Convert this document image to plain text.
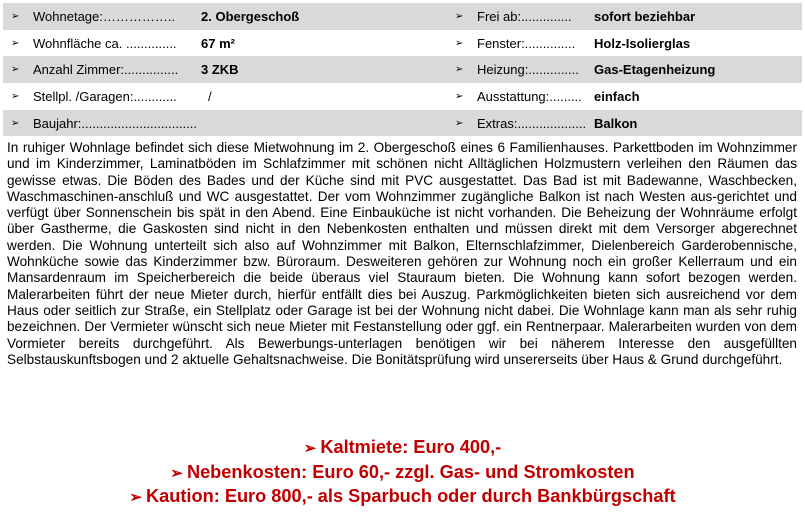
➢ Wohnetage:…………….. 2. Obergeschoß	➢ Frei ab:.............. sofort beziehbar
➢ Wohnfläche ca. .............. 67 m²	➢ Fenster:.............. Holz-Isolierglas
➢ Anzahl Zimmer:............... 3 ZKB	➢ Heizung:.............. Gas-Etagenheizung
➢ Stellpl. /Garagen:............ /	➢ Ausstattung:......... einfach
➢ Baujahr:................................	➢ Extras:................... Balkon

In ruhiger Wohnlage befindet sich diese Mietwohnung im 2. Obergeschoß eines 6 Familienhauses. Parkettboden im Wohnzimmer und im Kinderzimmer, Laminatböden im Schlafzimmer mit schönen nicht Alltäglichen Holzmustern verleihen den Räumen das gewisse etwas. Die Böden des Bades und der Küche sind mit PVC ausgestattet. Das Bad ist mit Badewanne, Waschbecken, Waschmaschinen-anschluß und WC ausgestattet. Der vom Wohnzimmer zugängliche Balkon ist nach Westen aus-gerichtet und verfügt über Sonnenschein bis spät in den Abend. Eine Einbauküche ist nicht vorhanden. Die Beheizung der Wohnräume erfolgt über Gastherme, die Gaskosten sind nicht in den Nebenkosten enthalten und müssen direkt mit dem Versorger abgerechnet werden. Die Wohnung unterteilt sich also auf Wohnzimmer mit Balkon, Elternschlafzimmer, Dielenbereich Garderobennische, Wohnküche sowie das Kinderzimmer bzw. Büroraum. Desweiteren gehören zur Wohnung noch ein großer Kellerraum und ein Mansardenraum im Speicherbereich die beide überaus viel Stauraum bieten. Die Wohnung kann sofort bezogen werden. Malerarbeiten führt der neue Mieter durch, hierfür entfällt dies bei Auszug. Parkmöglichkeiten bieten sich ausreichend vor dem Haus oder seitlich zur Straße, ein Stellplatz oder Garage ist bei der Wohnung nicht dabei. Die Wohnlage kann man als sehr ruhig bezeichnen. Der Vermieter wünscht sich neue Mieter mit Festanstellung oder ggf. ein Rentnerpaar. Malerarbeiten wurden von dem Vormieter bereits durchgeführt. Als Bewerbungs-unterlagen benötigen wir bei näherem Interesse den ausgefüllten Selbstauskunftsbogen und 2 aktuelle Gehaltsnachweise. Die Bonitätsprüfung wird unsererseits über Haus & Grund durchgeführt.

➢ Kaltmiete: Euro 400,-
➢ Nebenkosten: Euro 60,- zzgl. Gas- und Stromkosten
➢ Kaution: Euro 800,- als Sparbuch oder durch Bankbürgschaft
